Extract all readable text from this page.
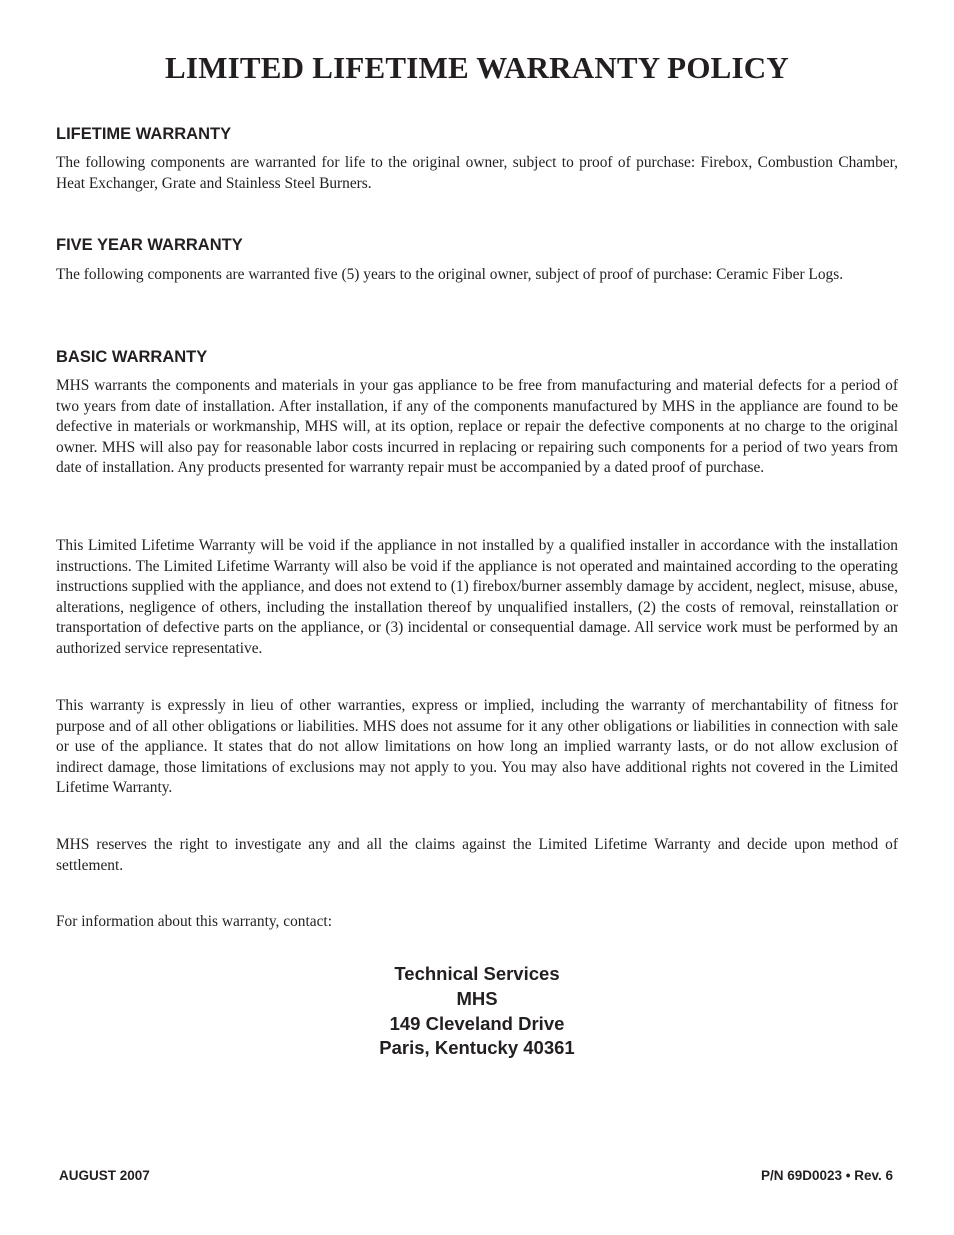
LIMITED LIFETIME WARRANTY POLICY
LIFETIME WARRANTY

The following components are warranted for life to the original owner, subject to proof of purchase: Firebox, Combustion Chamber, Heat Exchanger, Grate and Stainless Steel Burners.

FIVE YEAR WARRANTY

The following components are warranted five (5) years to the original owner, subject of proof of purchase: Ceramic Fiber Logs.

BASIC WARRANTY

MHS warrants the components and materials in your gas appliance to be free from manufacturing and material defects for a period of two years from date of installation. After installation, if any of the components manufactured by MHS in the appliance are found to be defective in materials or workmanship, MHS will, at its option, replace or repair the defective components at no charge to the original owner. MHS will also pay for reasonable labor costs incurred in replacing or repairing such components for a period of two years from date of installation. Any products presented for warranty repair must be accompanied by a dated proof of purchase.

This Limited Lifetime Warranty will be void if the appliance in not installed by a qualified installer in accordance with the installation instructions. The Limited Lifetime Warranty will also be void if the appliance is not operated and maintained according to the operating instructions supplied with the appliance, and does not extend to (1) firebox/burner assembly damage by accident, neglect, misuse, abuse, alterations, negligence of others, including the installation thereof by unqualified installers, (2) the costs of removal, reinstallation or transportation of defective parts on the appliance, or (3) incidental or consequential damage. All service work must be performed by an authorized service representative.

This warranty is expressly in lieu of other warranties, express or implied, including the warranty of merchantability of fitness for purpose and of all other obligations or liabilities. MHS does not assume for it any other obligations or liabilities in connection with sale or use of the appliance. It states that do not allow limitations on how long an implied warranty lasts, or do not allow exclusion of indirect damage, those limitations of exclusions may not apply to you. You may also have additional rights not covered in the Limited Lifetime Warranty.

MHS reserves the right to investigate any and all the claims against the Limited Lifetime Warranty and decide upon method of settlement.

For information about this warranty, contact:

Technical Services
MHS
149 Cleveland Drive
Paris, Kentucky 40361
AUGUST 2007	P/N 69D0023 • Rev. 6
